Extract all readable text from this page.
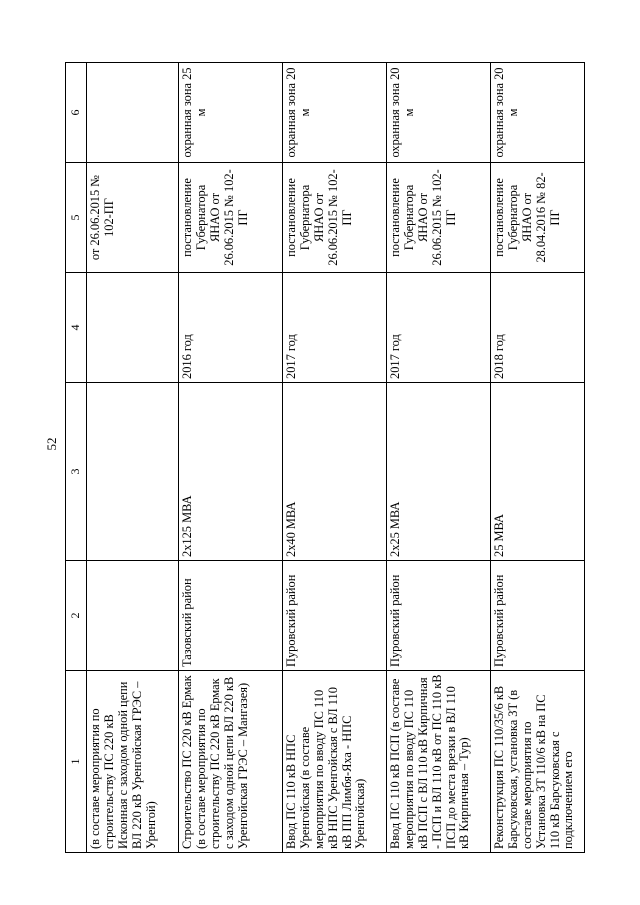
52
1	2	3	4	5	6
(в составе мероприятия по строительству ПС 220 кВ Исконная с заходом одной цепи ВЛ 220 кВ Уренгойская ГРЭС – Уренгой)				от 26.06.2015 № 102-ПГ	
Строительство ПС 220 кВ Ермак (в составе мероприятия по строительству ПС 220 кВ Ермак с заходом одной цепи ВЛ 220 кВ Уренгойская ГРЭС – Мангазея)	Тазовский район	2х125 МВА	2016 год	постановление Губернатора ЯНАО от 26.06.2015 № 102-ПГ	охранная зона 25 м
Ввод ПС 110 кВ НПС Уренгойская (в составе мероприятия по вводу ПС 110 кВ НПС Уренгойская с ВЛ 110 кВ ПП Лимбя-Яха - НПС Уренгойская)	Пуровский район	2х40 МВА	2017 год	постановление Губернатора ЯНАО от 26.06.2015 № 102-ПГ	охранная зона 20 м
Ввод ПС 110 кВ ПСП (в составе мероприятия по вводу ПС 110 кВ ПСП с ВЛ 110 кВ Кирпичная - ПСП и ВЛ 110 кВ от ПС 110 кВ ПСП до места врезки в ВЛ 110 кВ Кирпичная – Тур)	Пуровский район	2х25 МВА	2017 год	постановление Губернатора ЯНАО от 26.06.2015 № 102-ПГ	охранная зона 20 м
Реконструкция ПС 110/35/6 кВ Барсуковская, установка 3Т (в составе мероприятия по Установка 3Т 110/6 кВ на ПС 110 кВ Барсуковская с подключением его	Пуровский район	25 МВА	2018 год	постановление Губернатора ЯНАО от 28.04.2016 № 82-ПГ	охранная зона 20 м
